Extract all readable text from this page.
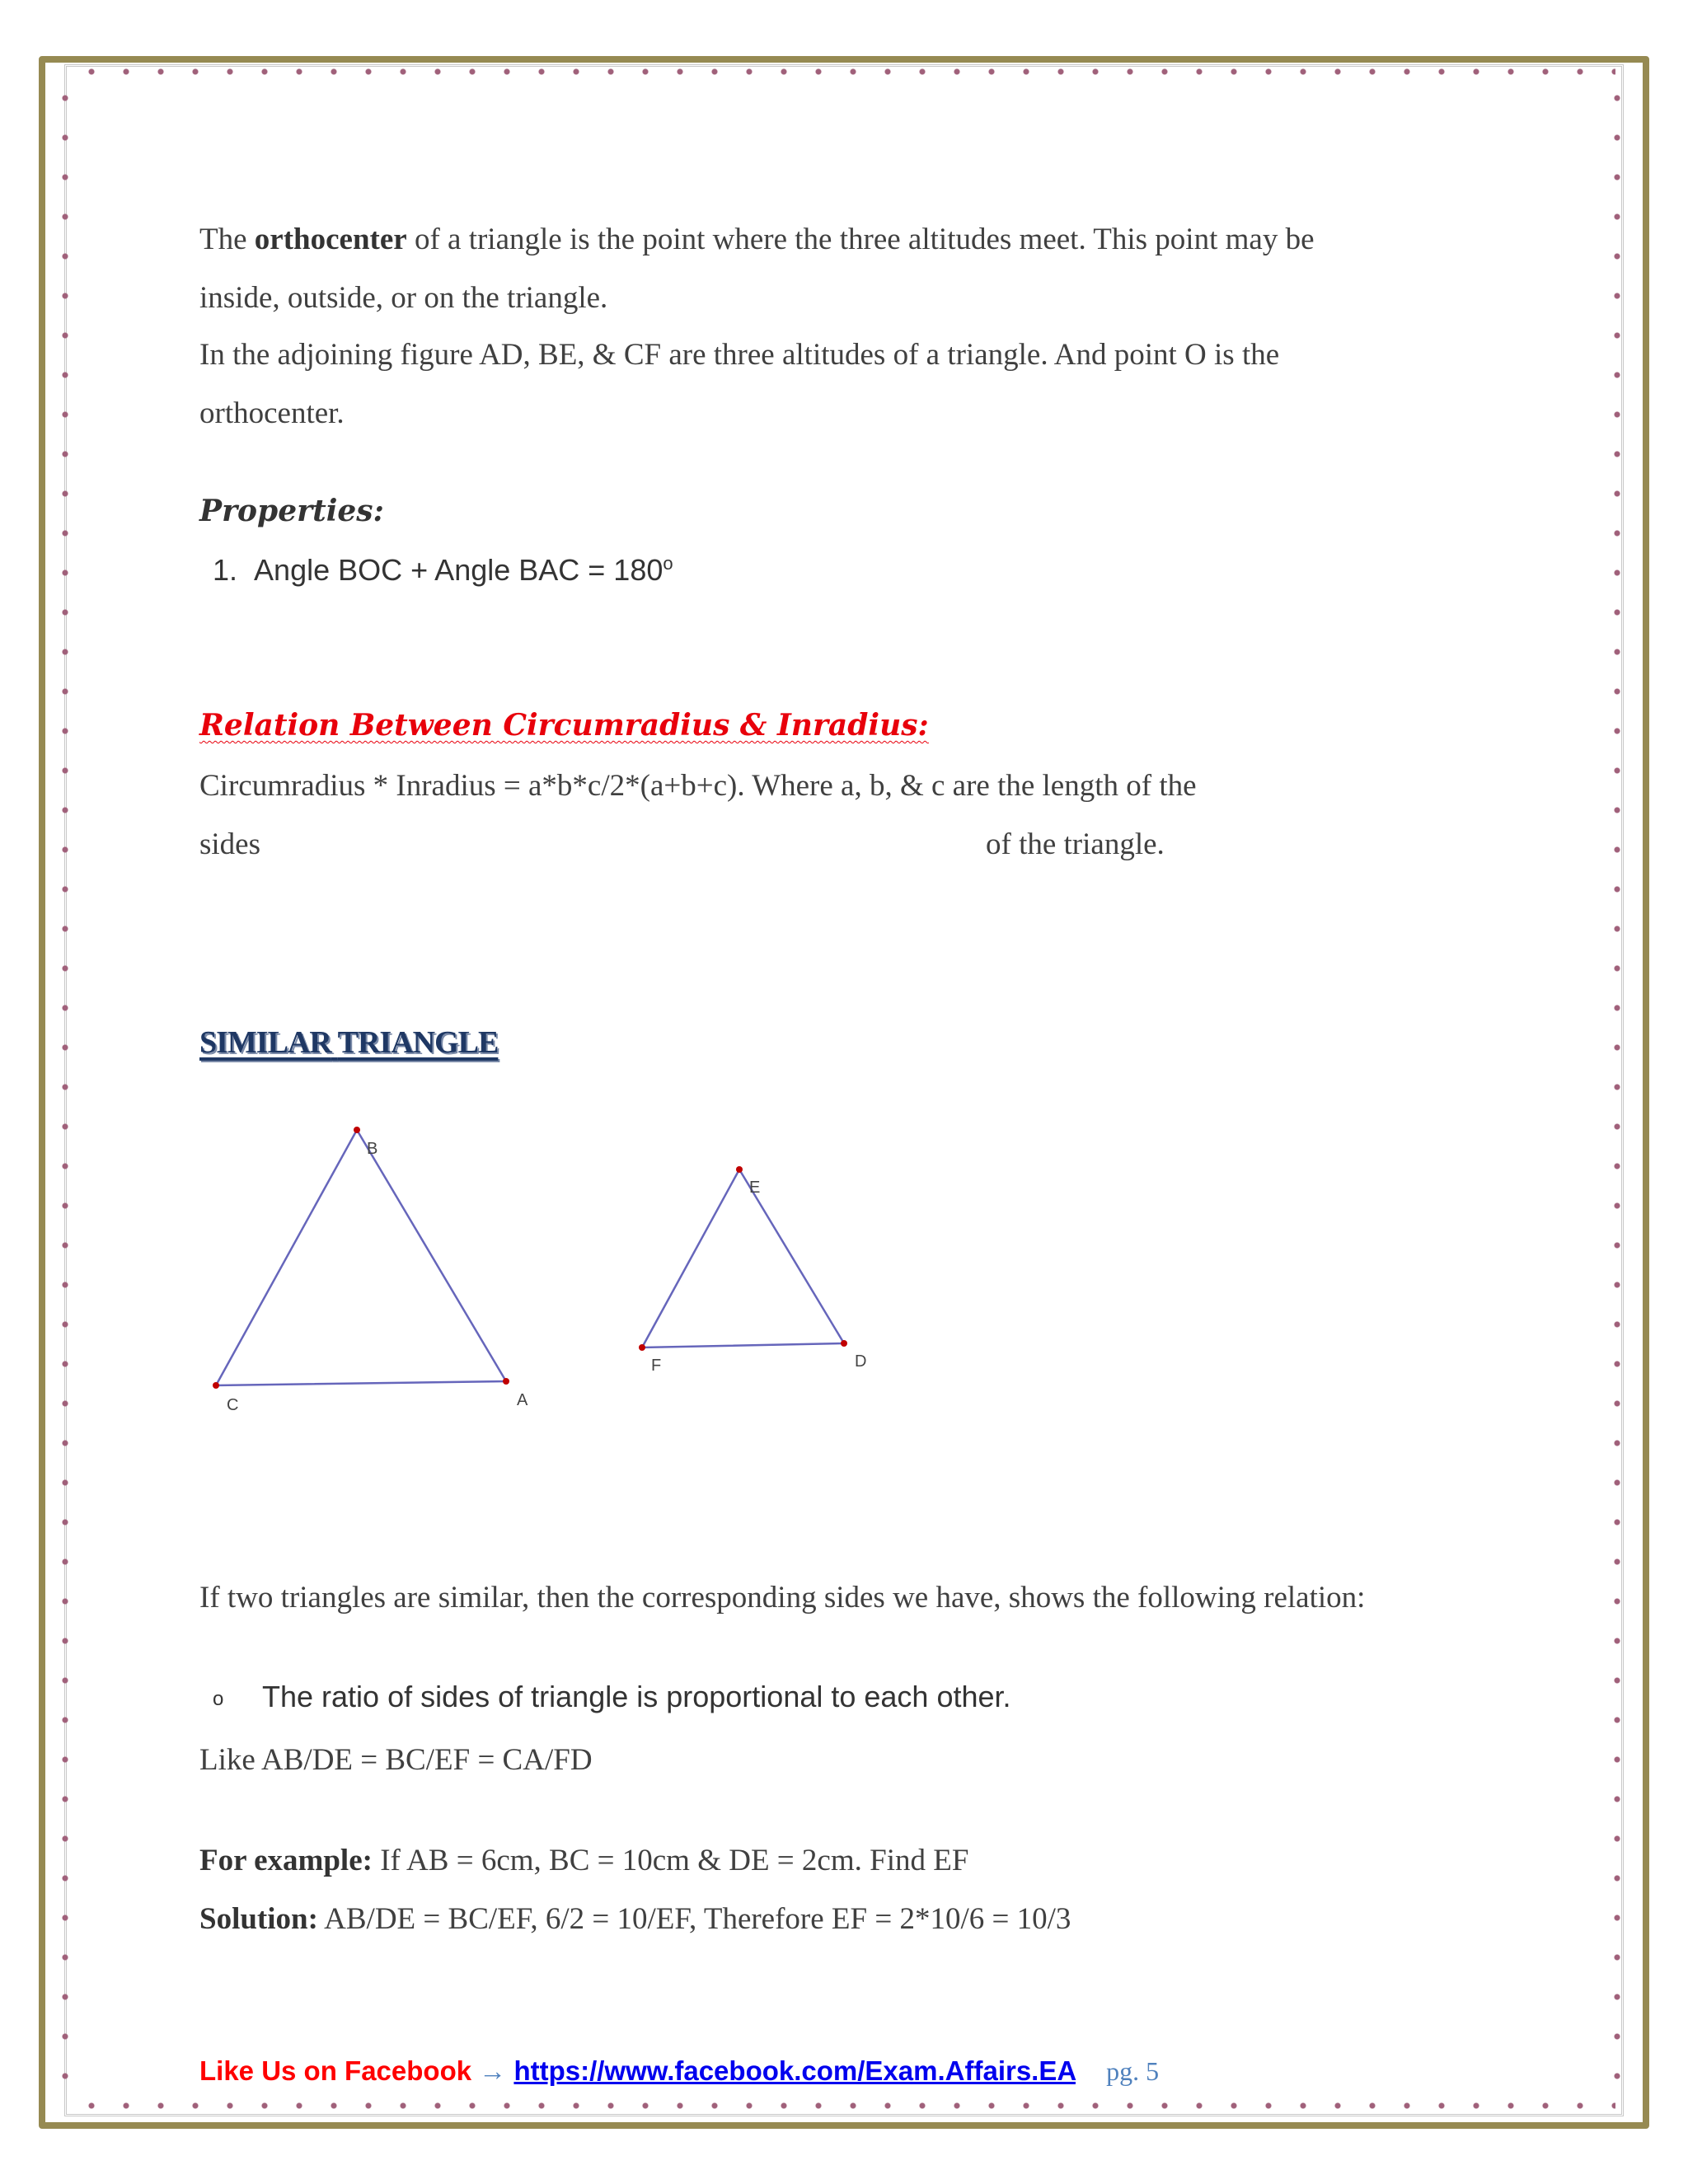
The orthocenter of a triangle is the point where the three altitudes meet. This point may be
inside, outside, or on the triangle.
In the adjoining figure AD, BE, & CF are three altitudes of a triangle. And point O is the
orthocenter.
Properties:
1. Angle BOC + Angle BAC = $180^o$
Relation Between Circumradius & Inradius:
Circumradius * Inradius = a*b*c/2*(a+b+c). Where a, b, & c are the length of the
sides	of the triangle.
SIMILAR TRIANGLE
B
C	A
E
F	D
If two triangles are similar, then the corresponding sides we have, shows the following relation:
o The ratio of sides of triangle is proportional to each other.
Like AB/DE = BC/EF = CA/FD
For example: If AB = 6cm, BC = 10cm & DE = 2cm. Find EF
Solution: AB/DE = BC/EF, 6/2 = 10/EF, Therefore EF = 2*10/6 = 10/3
Like Us on Facebook → https://www.facebook.com/Exam.Affairs.EA pg. 5
